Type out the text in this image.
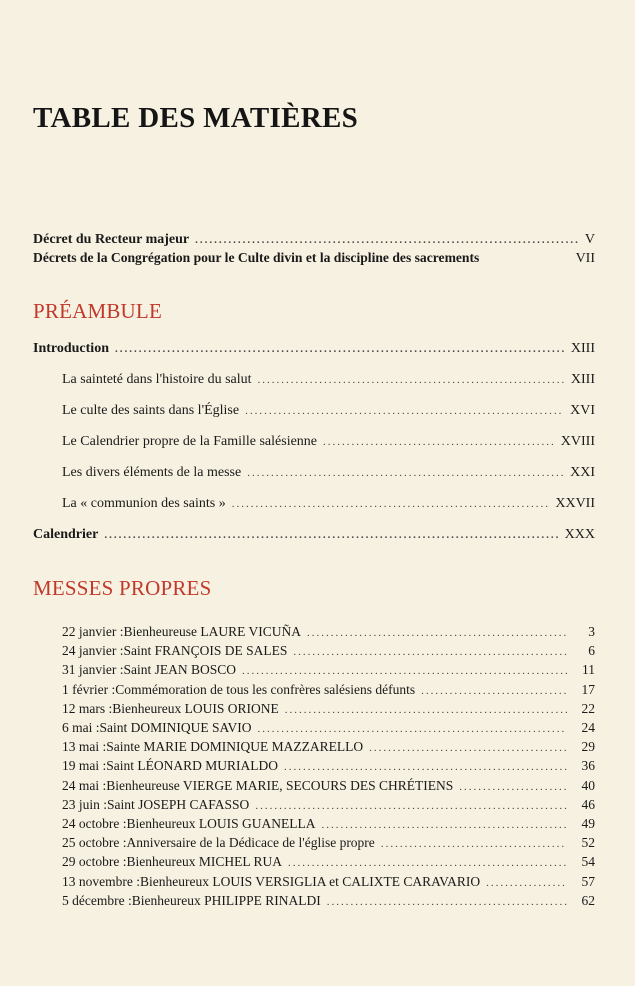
TABLE DES MATIÈRES
Décret du Recteur majeur .....	V
Décrets de la Congrégation pour le Culte divin et la discipline des sacrements	VII
PRÉAMBULE
Introduction .....	XIII
La sainteté dans l'histoire du salut .....	XIII
Le culte des saints dans l'Église .....	XVI
Le Calendrier propre de la Famille salésienne .....	XVIII
Les divers éléments de la messe .....	XXI
La « communion des saints » .....	XXVII
Calendrier .....	XXX
MESSES PROPRES
22 janvier : Bienheureuse LAURE VICUÑA .....	3
24 janvier : Saint FRANÇOIS DE SALES .....	6
31 janvier : Saint JEAN BOSCO .....	11
1 février : Commémoration de tous les confrères salésiens défunts .....	17
12 mars : Bienheureux LOUIS ORIONE .....	22
6 mai : Saint DOMINIQUE SAVIO .....	24
13 mai : Sainte MARIE DOMINIQUE MAZZARELLO .....	29
19 mai : Saint LÉONARD MURIALDO .....	36
24 mai : Bienheureuse VIERGE MARIE, SECOURS DES CHRÉTIENS .....	40
23 juin : Saint JOSEPH CAFASSO .....	46
24 octobre : Bienheureux LOUIS GUANELLA .....	49
25 octobre : Anniversaire de la Dédicace de l'église propre .....	52
29 octobre : Bienheureux MICHEL RUA .....	54
13 novembre : Bienheureux LOUIS VERSIGLIA et CALIXTE CARAVARIO .....	57
5 décembre : Bienheureux PHILIPPE RINALDI .....	62
